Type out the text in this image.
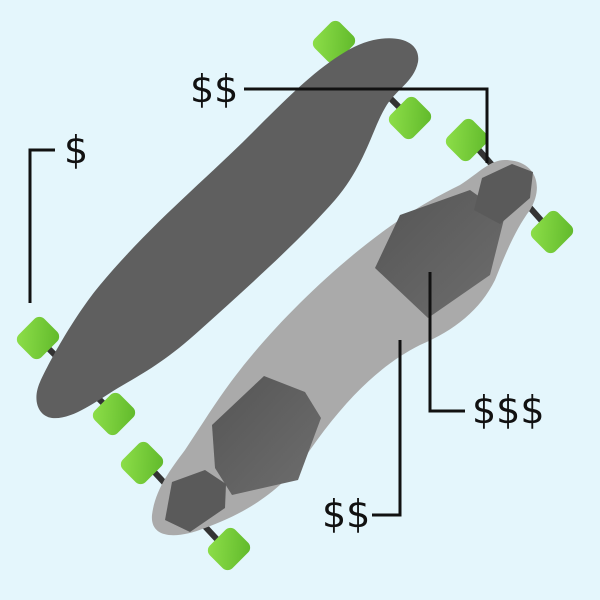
$
$$
$$$
$$
